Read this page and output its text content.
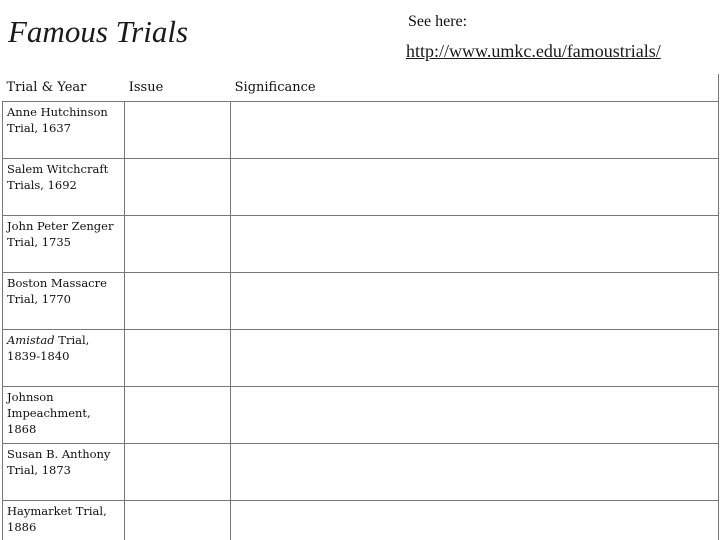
Famous Trials	See here:
http://www.umkc.edu/famoustrials/
Trial & Year	Issue	Significance
Anne Hutchinson Trial, 1637		
Salem Witchcraft Trials, 1692		
John Peter Zenger Trial, 1735		
Boston Massacre Trial, 1770		
Amistad Trial, 1839-1840		
Johnson Impeachment, 1868		
Susan B. Anthony Trial, 1873		
Haymarket Trial, 1886		
